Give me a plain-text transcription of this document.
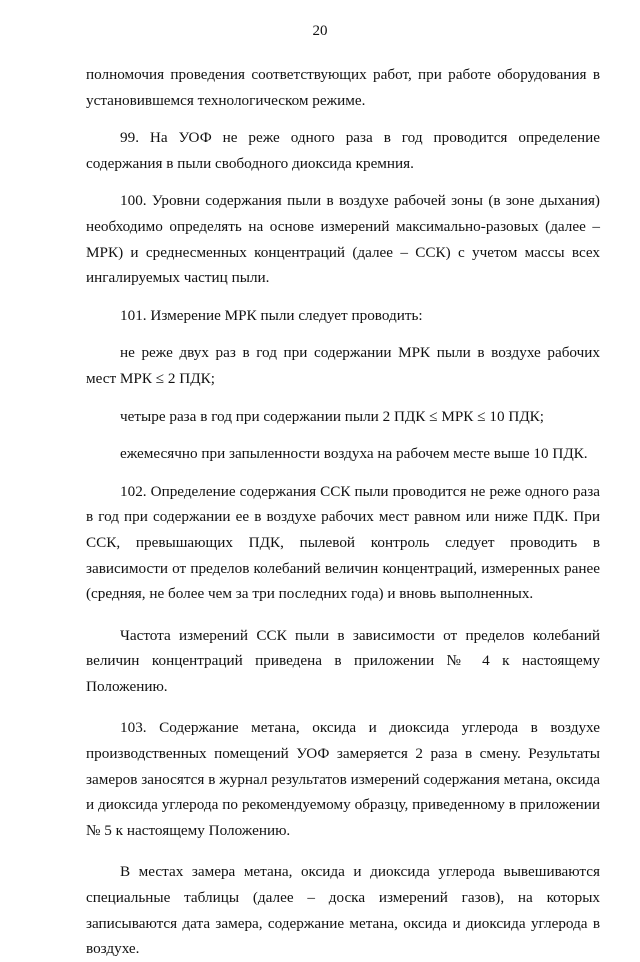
20

полномочия проведения соответствующих работ, при работе оборудования в установившемся технологическом режиме.

99. На УОФ не реже одного раза в год проводится определение содержания в пыли свободного диоксида кремния.

100. Уровни содержания пыли в воздухе рабочей зоны (в зоне дыхания) необходимо определять на основе измерений максимально-разовых (далее – МРК) и среднесменных концентраций (далее – ССК) с учетом массы всех ингалируемых частиц пыли.

101. Измерение МРК пыли следует проводить:

не реже двух раз в год при содержании МРК пыли в воздухе рабочих мест МРК ≤ 2 ПДК;

четыре раза в год при содержании пыли 2 ПДК ≤ МРК ≤ 10 ПДК;

ежемесячно при запыленности воздуха на рабочем месте выше 10 ПДК.

102. Определение содержания ССК пыли проводится не реже одного раза в год при содержании ее в воздухе рабочих мест равном или ниже ПДК. При ССК, превышающих ПДК, пылевой контроль следует проводить в зависимости от пределов колебаний величин концентраций, измеренных ранее (средняя, не более чем за три последних года) и вновь выполненных.

Частота измерений ССК пыли в зависимости от пределов колебаний величин концентраций приведена в приложении № 4 к настоящему Положению.

103. Содержание метана, оксида и диоксида углерода в воздухе производственных помещений УОФ замеряется 2 раза в смену. Результаты замеров заносятся в журнал результатов измерений содержания метана, оксида и диоксида углерода по рекомендуемому образцу, приведенному в приложении № 5 к настоящему Положению.

В местах замера метана, оксида и диоксида углерода вывешиваются специальные таблицы (далее – доска измерений газов), на которых записываются дата замера, содержание метана, оксида и диоксида углерода в воздухе.
